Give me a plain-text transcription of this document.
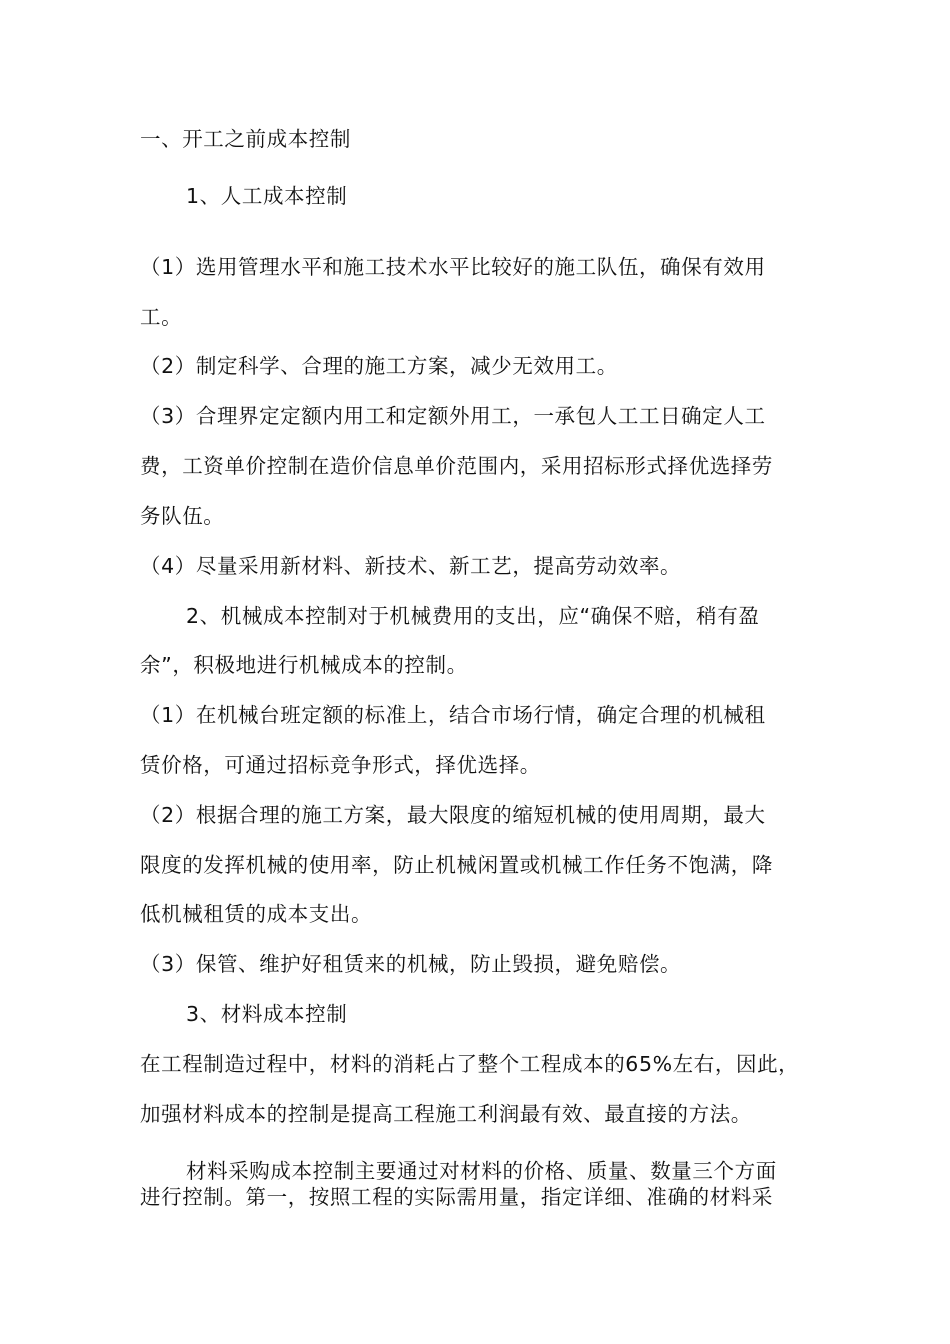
一、开工之前成本控制
1、人工成本控制
（1）选用管理水平和施工技术水平比较好的施工队伍，确保有效用
工。
（2）制定科学、合理的施工方案，减少无效用工。
（3）合理界定定额内用工和定额外用工，一承包人工工日确定人工
费，工资单价控制在造价信息单价范围内，采用招标形式择优选择劳
务队伍。
（4）尽量采用新材料、新技术、新工艺，提高劳动效率。
2、机械成本控制对于机械费用的支出，应“确保不赔，稍有盈
余”，积极地进行机械成本的控制。
（1）在机械台班定额的标准上，结合市场行情，确定合理的机械租
赁价格，可通过招标竞争形式，择优选择。
（2）根据合理的施工方案，最大限度的缩短机械的使用周期，最大
限度的发挥机械的使用率，防止机械闲置或机械工作任务不饱满，降
低机械租赁的成本支出。
（3）保管、维护好租赁来的机械，防止毁损，避免赔偿。
3、材料成本控制
在工程制造过程中，材料的消耗占了整个工程成本的65%左右，因此，
加强材料成本的控制是提高工程施工利润最有效、最直接的方法。
材料采购成本控制主要通过对材料的价格、质量、数量三个方面
进行控制。第一，按照工程的实际需用量，指定详细、准确的材料采
